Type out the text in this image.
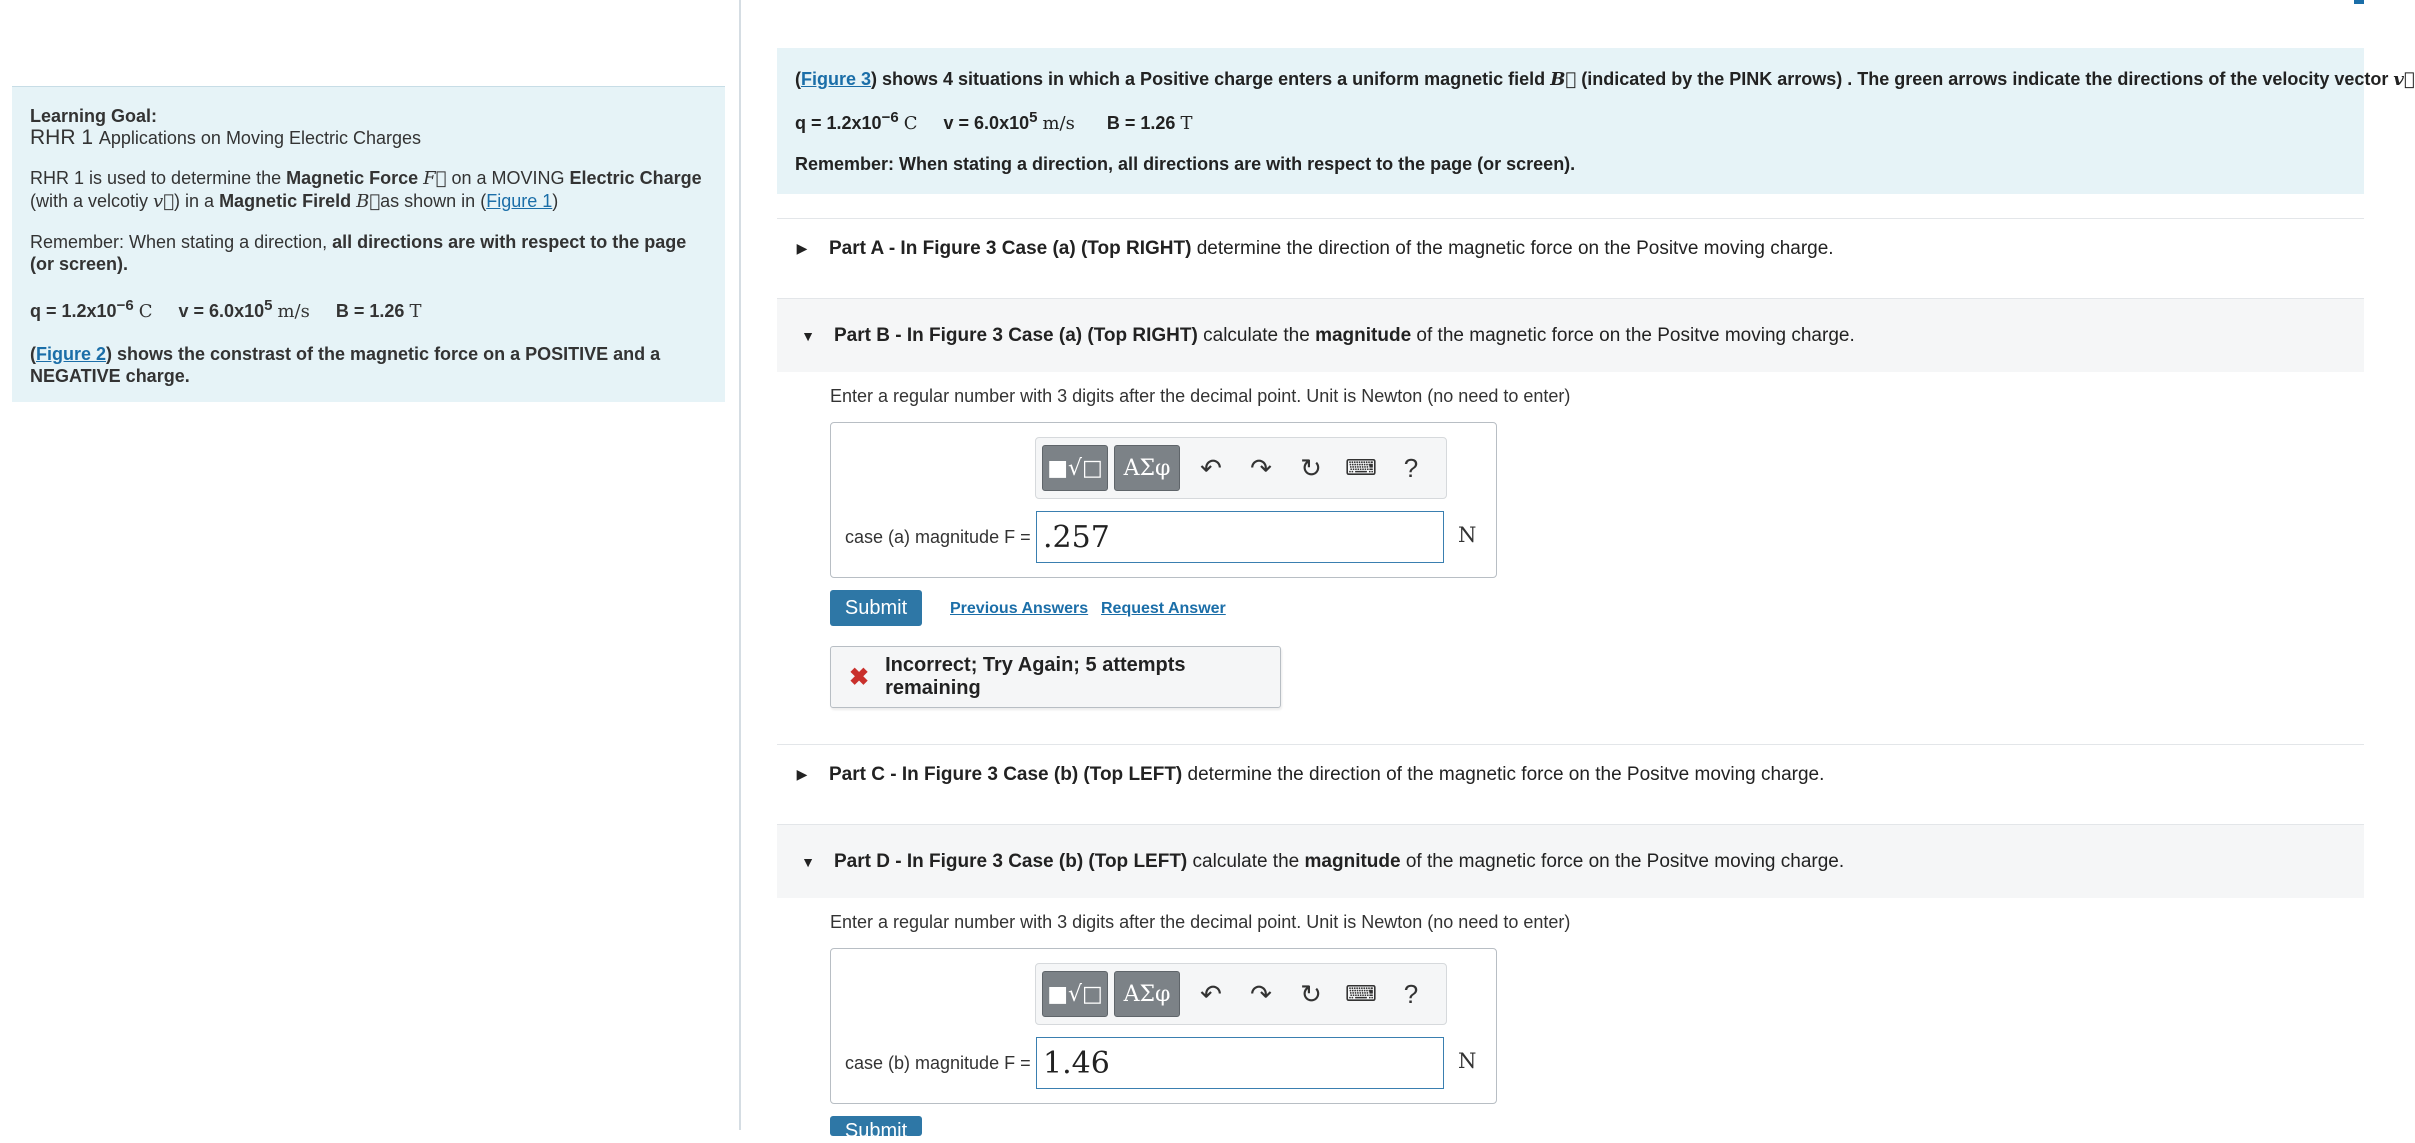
Learning Goal:
RHR 1 Applications on Moving Electric Charges
RHR 1 is used to determine the Magnetic Force F⃗ on a MOVING Electric Charge
(with a velcotiy v⃗) in a Magnetic Fireld B⃗as shown in (Figure 1)
Remember: When stating a direction, all directions are with respect to the page (or screen).
$q = 1.2x10^{-6}$ C $v = 6.0x10^5$ m/s B = 1.26 T
(Figure 2) shows the constrast of the magnetic force on a POSITIVE and a NEGATIVE charge.
(Figure 3) shows 4 situations in which a Positive charge enters a uniform magnetic field B⃗ (indicated by the PINK arrows) . The green arrows indicate the directions of the velocity vector v⃗
$q = 1.2x10^{-6}$ C $v = 6.0x10^5$ m/s B = 1.26 T
Remember: When stating a direction, all directions are with respect to the page (or screen).
▶	Part A - In Figure 3 Case (a) (Top RIGHT) determine the direction of the magnetic force on the Positve moving charge.
▼	Part B - In Figure 3 Case (a) (Top RIGHT) calculate the magnitude of the magnetic force on the Positve moving charge.
Enter a regular number with 3 digits after the decimal point. Unit is Newton (no need to enter)
■√□ ΑΣφ	↶	↷	↻	⌨	?
case (a) magnitude F = .257	N
Submit	Previous Answers Request Answer
✖ Incorrect; Try Again; 5 attempts remaining
▶	Part C - In Figure 3 Case (b) (Top LEFT) determine the direction of the magnetic force on the Positve moving charge.
▼	Part D - In Figure 3 Case (b) (Top LEFT) calculate the magnitude of the magnetic force on the Positve moving charge.
Enter a regular number with 3 digits after the decimal point. Unit is Newton (no need to enter)
■√□ ΑΣφ	↶	↷	↻	⌨	?
case (b) magnitude F = 1.46	N
Submit
